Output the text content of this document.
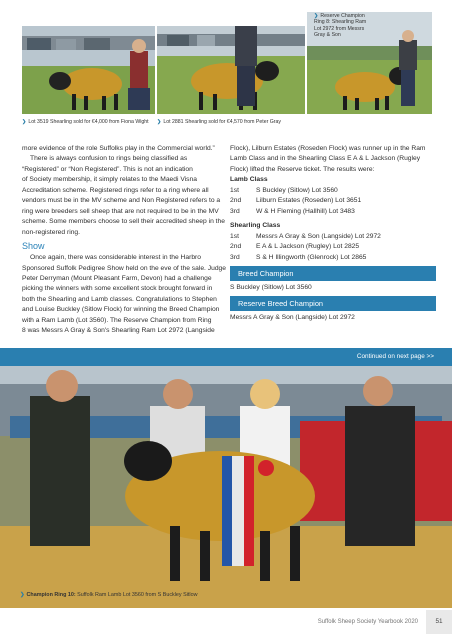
❯ Reserve Champion

Ring 8: Shearling Ram

Lot 2972 from Messrs

Gray & Son

❯ Lot 3519 Shearling sold for €4,000 from Fiona Wight ❯ Lot 2881 Shearling sold for €4,570 from Peter Gray

more evidence of the role Suffolks play in the Commercial world.”

There is always confusion to rings being classified as

“Registered” or “Non Registered”. This is not an indication

of Society membership, it simply relates to the Maedi Visna

Accreditation scheme. Registered rings refer to a ring where all

vendors must be in the MV scheme and Non Registered refers to a

ring were breeders sell sheep that are not required to be in the MV

scheme. Some members choose to sell their accredited sheep in the

non-registered ring.

Show

Once again, there was considerable interest in the Harbro

Sponsored Suffolk Pedigree Show held on the eve of the sale. Judge

Peter Derryman (Mount Pleasant Farm, Devon) had a challenge

picking the winners with some excellent stock brought forward in

both the Shearling and Lamb classes. Congratulations to Stephen

and Louise Buckley (Sitlow Flock) for winning the Breed Champion

with a Ram Lamb (Lot 3560). The Reserve Champion from Ring

8 was Messrs A Gray & Son's Shearling Ram Lot 2972 (Langside

Flock), Lilburn Estates (Roseden Flock) was runner up in the Ram

Lamb Class and in the Shearling Class E A & L Jackson (Rugley

Flock) lifted the Reserve ticket. The results were:

Lamb Class

1st	S Buckley (Sitlow) Lot 3560
2nd	Lilburn Estates (Roseden) Lot 3651
3rd	W & H Fleming (Hallhill) Lot 3483

Shearling Class

1st	Messrs A Gray & Son (Langside) Lot 2972
2nd	E A & L Jackson (Rugley) Lot 2825
3rd	S & H Illingworth (Glenrock) Lot 2865
Breed Champion

S Buckley (Sitlow) Lot 3560

Reserve Breed Champion

Messrs A Gray & Son (Langside) Lot 2972

Continued on next page >>
❯ Champion Ring 10: Suffolk Ram Lamb Lot 3560 from S Buckley Sitlow
Suffolk Sheep Society Yearbook 2020	51
